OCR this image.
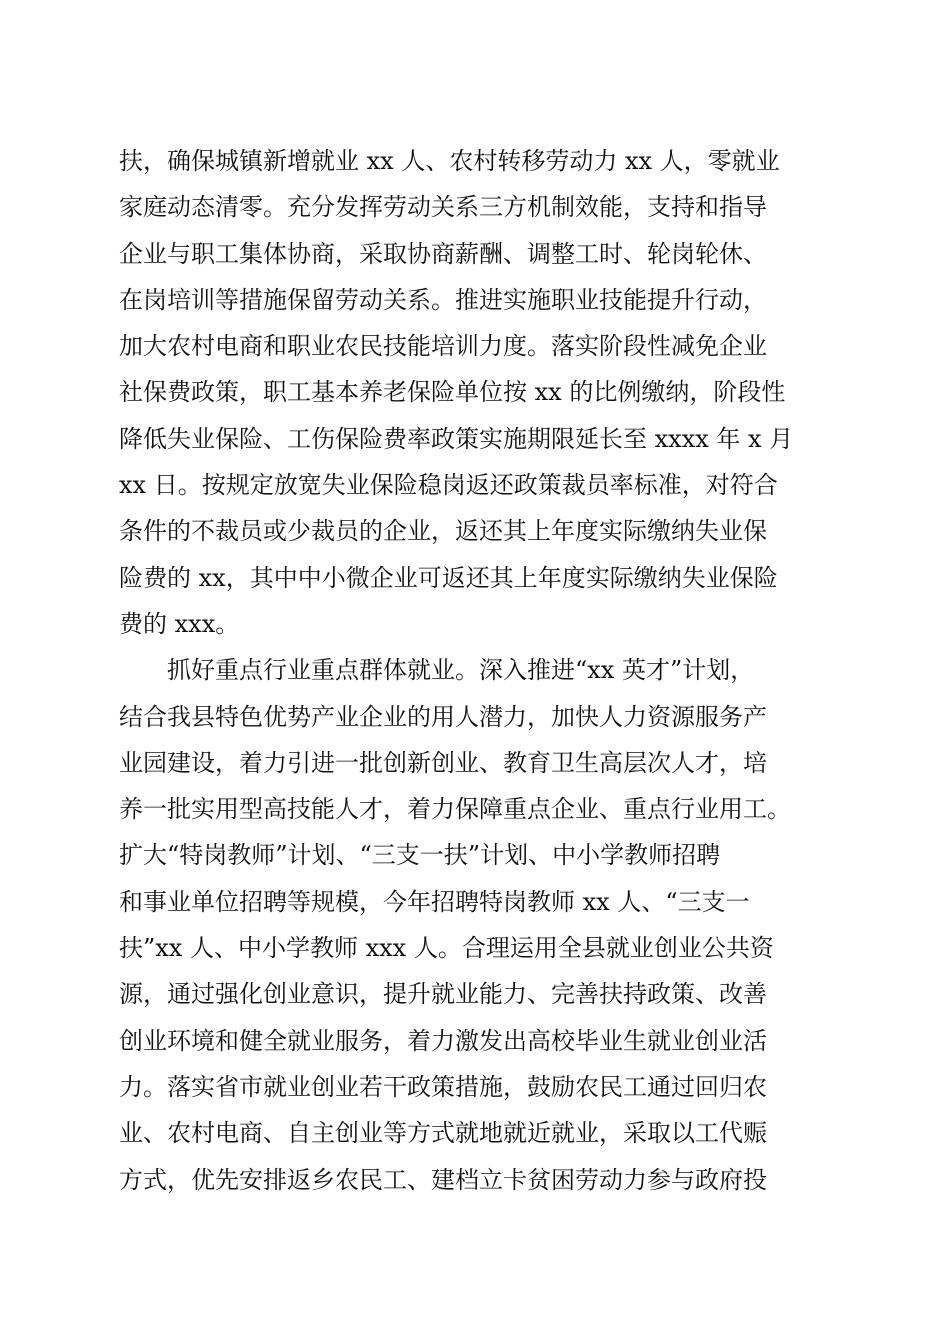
扶，确保城镇新增就业 xx 人、农村转移劳动力 xx 人，零就业
家庭动态清零。充分发挥劳动关系三方机制效能，支持和指导
企业与职工集体协商，采取协商薪酬、调整工时、轮岗轮休、
在岗培训等措施保留劳动关系。推进实施职业技能提升行动，
加大农村电商和职业农民技能培训力度。落实阶段性减免企业
社保费政策，职工基本养老保险单位按 xx 的比例缴纳，阶段性
降低失业保险、工伤保险费率政策实施期限延长至 xxxx 年 x 月
xx 日。按规定放宽失业保险稳岗返还政策裁员率标准，对符合
条件的不裁员或少裁员的企业，返还其上年度实际缴纳失业保
险费的 xx，其中中小微企业可返还其上年度实际缴纳失业保险
费的 xxx。
抓好重点行业重点群体就业。深入推进“xx 英才”计划，
结合我县特色优势产业企业的用人潜力，加快人力资源服务产
业园建设，着力引进一批创新创业、教育卫生高层次人才，培
养一批实用型高技能人才，着力保障重点企业、重点行业用工。
扩大“特岗教师”计划、“三支一扶”计划、中小学教师招聘
和事业单位招聘等规模，今年招聘特岗教师 xx 人、“三支一
扶”xx 人、中小学教师 xxx 人。合理运用全县就业创业公共资
源，通过强化创业意识，提升就业能力、完善扶持政策、改善
创业环境和健全就业服务，着力激发出高校毕业生就业创业活
力。落实省市就业创业若干政策措施，鼓励农民工通过回归农
业、农村电商、自主创业等方式就地就近就业，采取以工代赈
方式，优先安排返乡农民工、建档立卡贫困劳动力参与政府投
